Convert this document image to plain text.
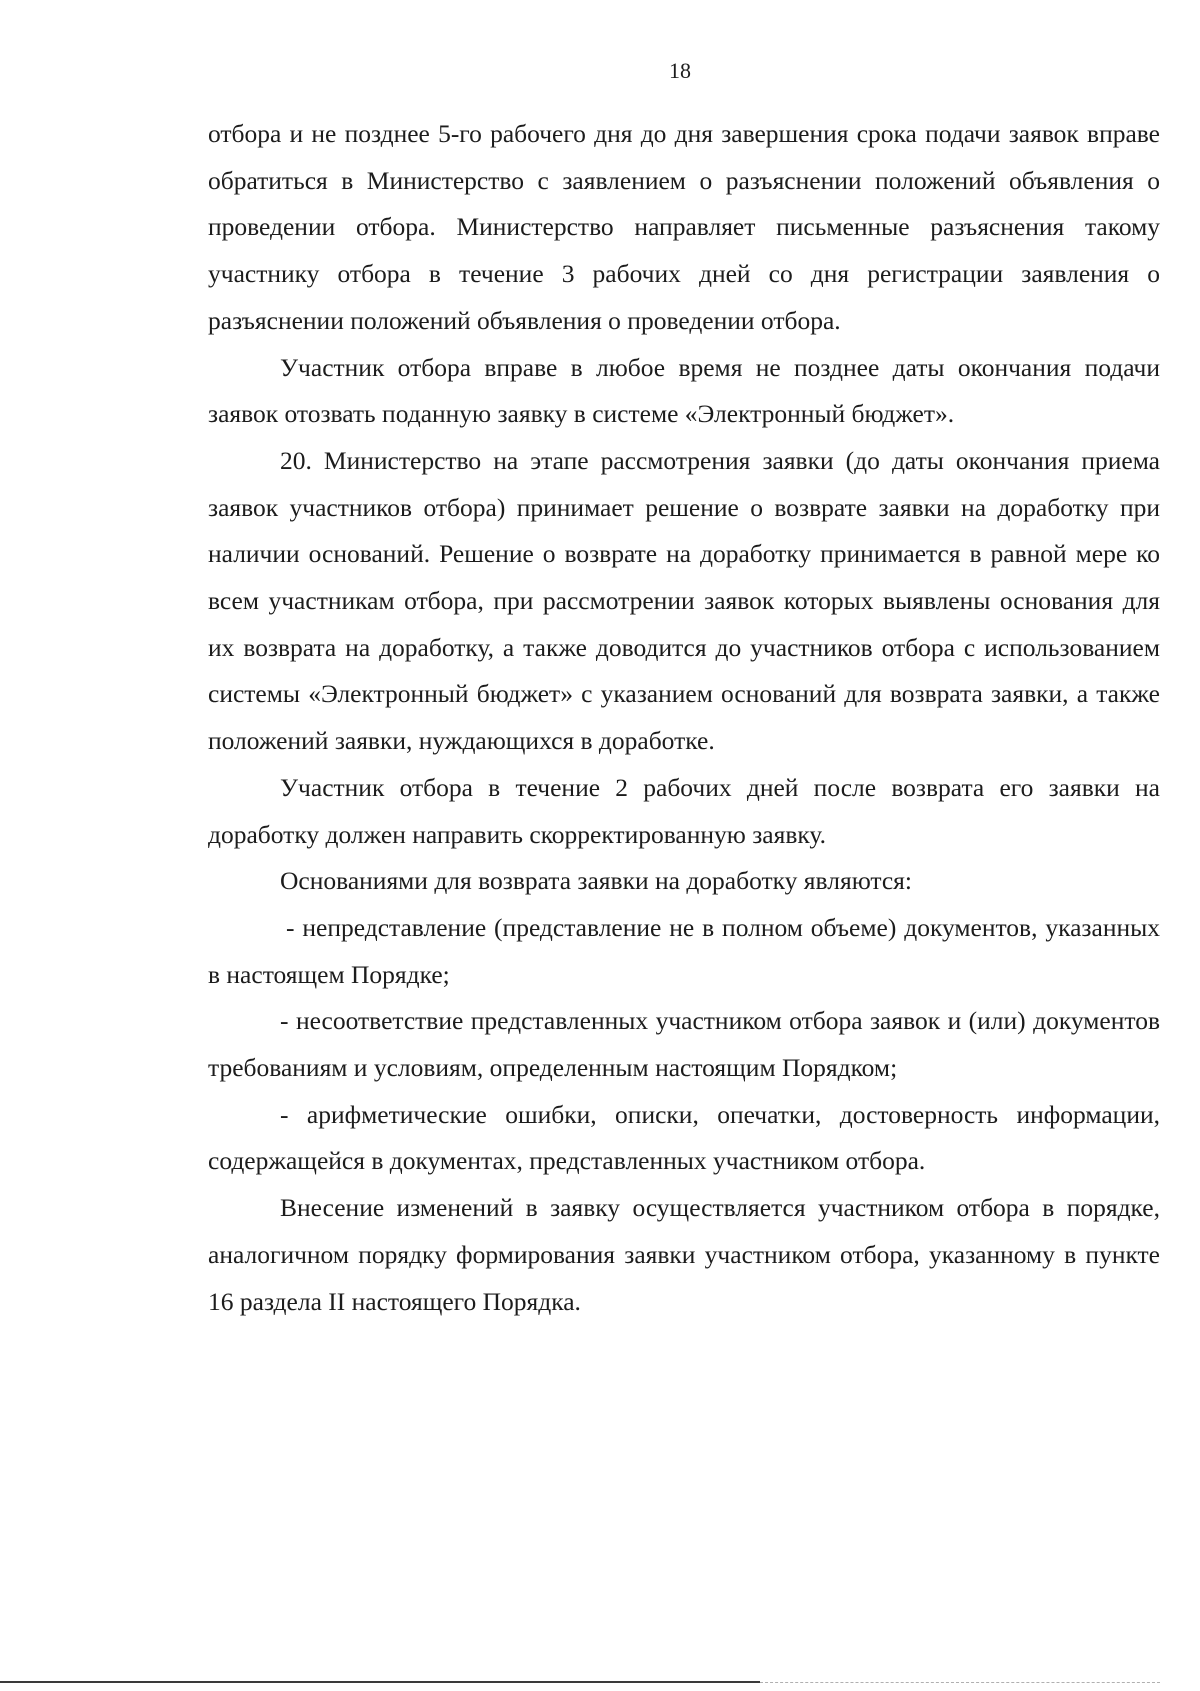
18

отбора и не позднее 5-го рабочего дня до дня завершения срока подачи заявок вправе обратиться в Министерство с заявлением о разъяснении положений объявления о проведении отбора. Министерство направляет письменные разъяснения такому участнику отбора в течение 3 рабочих дней со дня регистрации заявления о разъяснении положений объявления о проведении отбора.

Участник отбора вправе в любое время не позднее даты окончания подачи заявок отозвать поданную заявку в системе «Электронный бюджет».

20. Министерство на этапе рассмотрения заявки (до даты окончания приема заявок участников отбора) принимает решение о возврате заявки на доработку при наличии оснований. Решение о возврате на доработку принимается в равной мере ко всем участникам отбора, при рассмотрении заявок которых выявлены основания для их возврата на доработку, а также доводится до участников отбора с использованием системы «Электронный бюджет» с указанием оснований для возврата заявки, а также положений заявки, нуждающихся в доработке.

Участник отбора в течение 2 рабочих дней после возврата его заявки на доработку должен направить скорректированную заявку.

Основаниями для возврата заявки на доработку являются:

- непредставление (представление не в полном объеме) документов, указанных в настоящем Порядке;

- несоответствие представленных участником отбора заявок и (или) документов требованиям и условиям, определенным настоящим Порядком;

- арифметические ошибки, описки, опечатки, достоверность информации, содержащейся в документах, представленных участником отбора.

Внесение изменений в заявку осуществляется участником отбора в порядке, аналогичном порядку формирования заявки участником отбора, указанному в пункте 16 раздела II настоящего Порядка.
